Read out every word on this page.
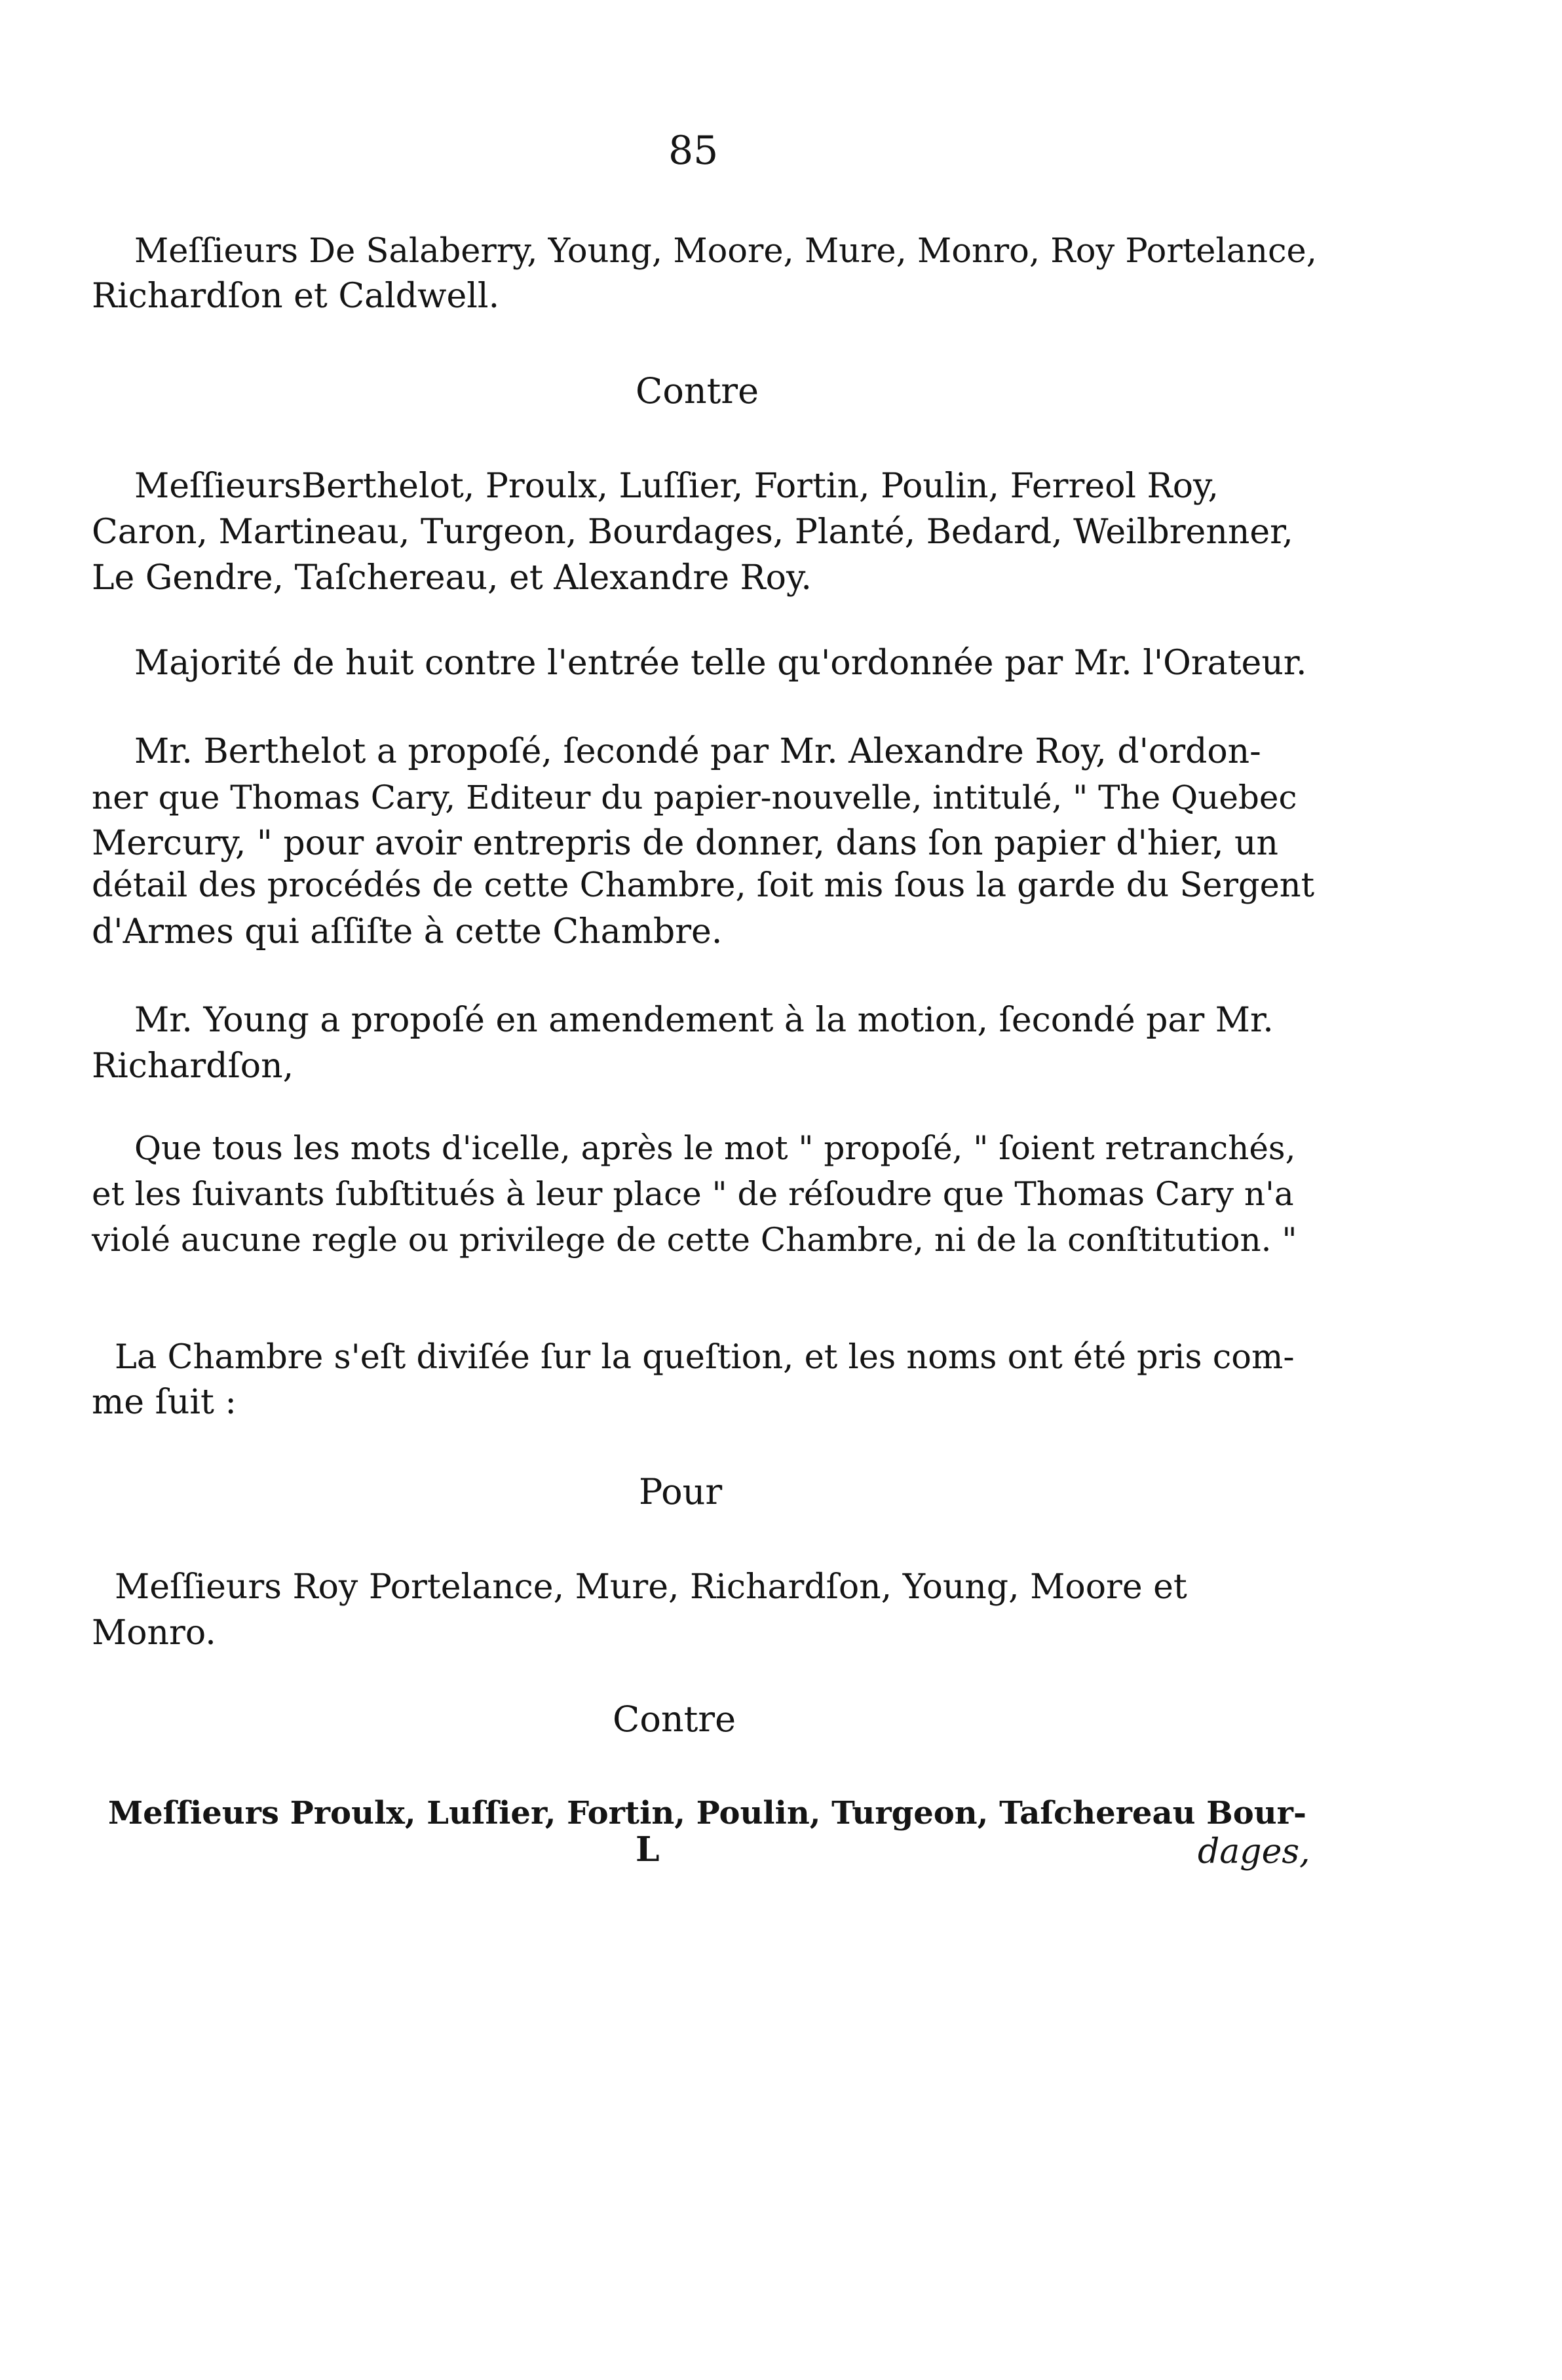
85
Meſſieurs De Salaberry, Young, Moore, Mure, Monro, Roy Portelance,
Richardſon et Caldwell.
Contre
MeſſieursBerthelot, Proulx, Luſſier, Fortin, Poulin, Ferreol Roy,
Caron, Martineau, Turgeon, Bourdages, Planté, Bedard, Weilbrenner,
Le Gendre, Taſchereau, et Alexandre Roy.
Majorité de huit contre l'entrée telle qu'ordonnée par Mr. l'Orateur.
Mr. Berthelot a propoſé, ſecondé par Mr. Alexandre Roy, d'ordon-
ner que Thomas Cary, Editeur du papier-nouvelle, intitulé, " The Quebec
Mercury, " pour avoir entrepris de donner, dans ſon papier d'hier, un
détail des procédés de cette Chambre, ſoit mis ſous la garde du Sergent
d'Armes qui aſſiſte à cette Chambre.
Mr. Young a propoſé en amendement à la motion, ſecondé par Mr.
Richardſon,
Que tous les mots d'icelle, après le mot " propoſé, " ſoient retranchés,
et les ſuivants ſubſtitués à leur place " de réſoudre que Thomas Cary n'a
violé aucune regle ou privilege de cette Chambre, ni de la conſtitution. "
La Chambre s'eſt diviſée ſur la queſtion, et les noms ont été pris com-
me ſuit :
Pour
Meſſieurs Roy Portelance, Mure, Richardſon, Young, Moore et
Monro.
Contre
Meſſieurs Proulx, Luſſier, Fortin, Poulin, Turgeon, Taſchereau Bour-
L	dages,
